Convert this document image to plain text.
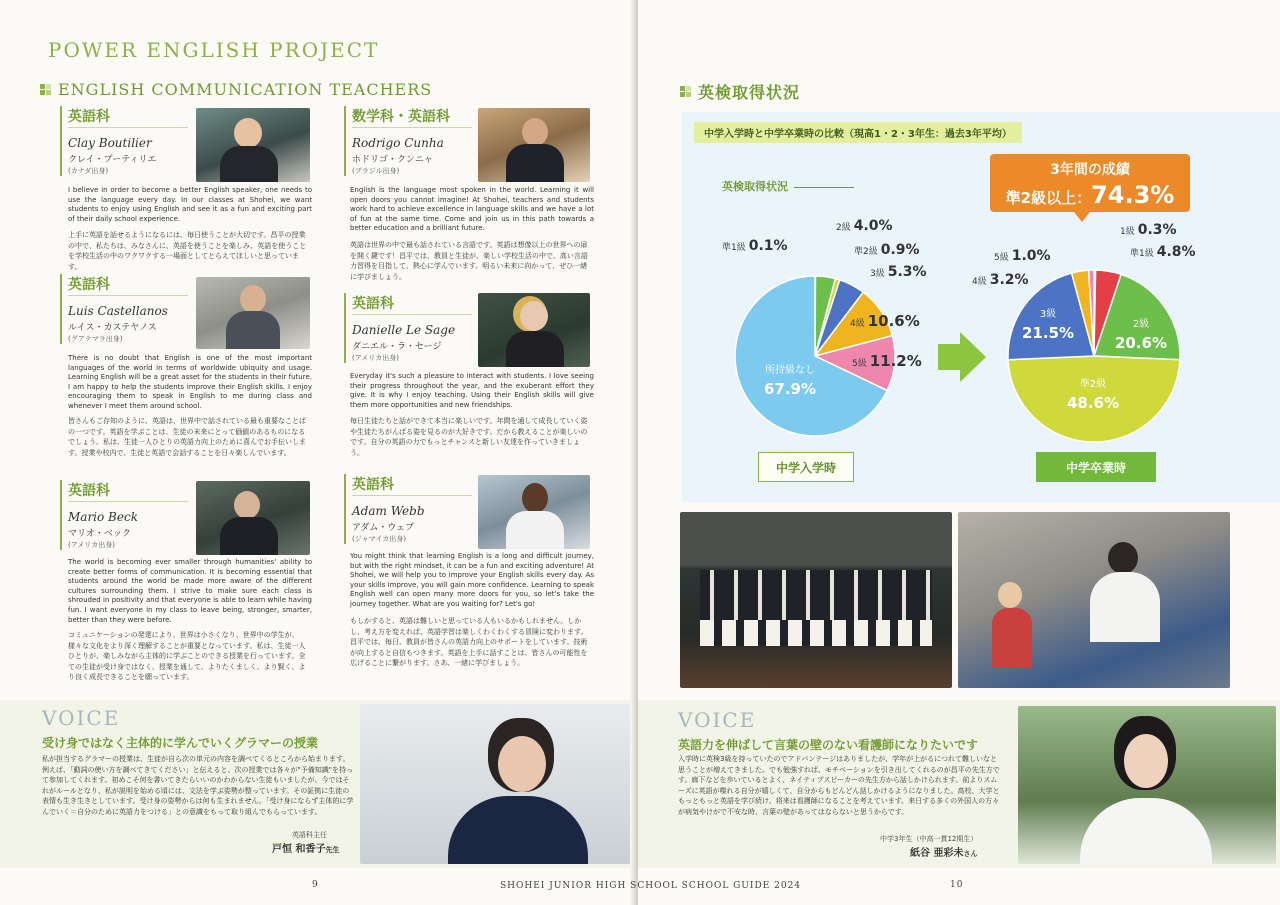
POWER ENGLISH PROJECT
ENGLISH COMMUNICATION TEACHERS
英語科
Clay Boutilier
クレイ・ブーティリエ
(カナダ出身)
I believe in order to become a better English speaker, one needs to use the language every day. In our classes at Shohei, we want students to enjoy using English and see it as a fun and exciting part of their daily school experience.
上手に英語を話せるようになるには、毎日使うことが大切です。昌平の授業の中で、私たちは、みなさんに、英語を使うことを楽しみ、英語を使うことを学校生活の中のワクワクする一場面としてとらえてほしいと思っています。
数学科・英語科
Rodrigo Cunha
ホドリゴ・クンニャ
(ブラジル出身)
English is the language most spoken in the world. Learning it will open doors you cannot imagine! At Shohei, teachers and students work hard to achieve excellence in language skills and we have a lot of fun at the same time. Come and join us in this path towards a better education and a brilliant future.
英語は世界の中で最も話されている言語です。英語は想像以上の世界への扉を開く鍵です！昌平では、教員と生徒が、楽しい学校生活の中で、高い言語力習得を目指して、熱心に学んでいます。明るい未来に向かって、ぜひ一緒に学びましょう。
英語科
Luis Castellanos
ルイス・カステヤノス
(グアテマラ出身)
There is no doubt that English is one of the most important languages of the world in terms of worldwide ubiquity and usage. Learning English will be a great asset for the students in their future. I am happy to help the students improve their English skills. I enjoy encouraging them to speak in English to me during class and whenever I meet them around school.
皆さんもご存知のように、英語は、世界中で話されている最も重要なことばの一つです。英語を学ぶことは、生徒の未来にとって価値のあるものになるでしょう。私は、生徒一人ひとりの英語力向上のために喜んでお手伝いします。授業や校内で、生徒と英語で会話することを日々楽しんでいます。
英語科
Danielle Le Sage
ダニエル・ラ・セージ
(アメリカ出身)
Everyday it's such a pleasure to interact with students. I love seeing their progress throughout the year, and the exuberant effort they give. It is why I enjoy teaching. Using their English skills will give them more opportunities and new friendships.
毎日生徒たちと話ができて本当に楽しいです。年間を通して成長していく姿や生徒たちがんばる姿を見るのが大好きです。だから教えることが楽しいのです。自分の英語の力でもっとチャンスと新しい友達を作っていきましょう。
英語科
Mario Beck
マリオ・ベック
(アメリカ出身)
The world is becoming ever smaller through humanities' ability to create better forms of communication. It is becoming essential that students around the world be made more aware of the different cultures surrounding them. I strive to make sure each class is shrouded in positivity and that everyone is able to learn while having fun. I want everyone in my class to leave being, stronger, smarter, better than they were before.
コミュニケーションの発達により、世界は小さくなり、世界中の学生が、様々な文化をより深く理解することが重要となっています。私は、生徒一人ひとりが、楽しみながら主体的に学ぶことのできる授業を行っています。全ての生徒が受け身ではなく、授業を通して、よりたくましく、より賢く、より良く成長できることを願っています。
英語科
Adam Webb
アダム・ウェブ
(ジャマイカ出身)
You might think that learning English is a long and difficult journey, but with the right mindset, it can be a fun and exciting adventure! At Shohei, we will help you to improve your English skills every day. As your skills improve, you will gain more confidence. Learning to speak English well can open many more doors for you, so let's take the journey together. What are you waiting for? Let's go!
もしかすると、英語は難しいと思っている人もいるかもしれません。しかし、考え方を変えれば、英語学習は楽しくわくわくする冒険に変わります。昌平では、毎日、教員が皆さんの英語力向上のサポートをしています。技術が向上すると自信もつきます。英語を上手に話すことは、皆さんの可能性を広げることに繋がります。さあ、一緒に学びましょう。
VOICE
受け身ではなく主体的に学んでいくグラマーの授業
私が担当するグラマーの授業は、生徒が自ら次の単元の内容を調べてくるところから始まります。例えば、「動詞の使い方を調べてきてください」と伝えると、次の授業では各々が"予備知識"を持って参加してくれます。初めこそ何を書いてきたらいいのかわからない生徒もいましたが、今ではそれがルールとなり、私が説明を始める頃には、文法を学ぶ姿勢が整っています。その証拠に生徒の表情も生き生きとしています。受け身の姿勢からは何も生まれません。「受け身にならず主体的に学んでいく＝自分のために英語力をつける」との意識をもって取り組んでもらっています。
英語科主任
戸恒 和香子先生
9
英検取得状況
中学入学時と中学卒業時の比較（現高1・2・3年生：過去3年平均）
英検取得状況
3年間の成績
準2級以上：74.3%
準1級 0.1%
2級 4.0%
準2級 0.9%
3級 5.3%
4級 10.6%
5級 11.2%
所持級なし
67.9%
中学入学時
1級 0.3%
準1級 4.8%
5級 1.0%
4級 3.2%
3級
21.5%	2級
20.6%
準2級
48.6%
中学卒業時
VOICE
英語力を伸ばして言葉の壁のない看護師になりたいです
入学時に英検3級を持っていたのでアドバンテージはありましたが、学年が上がるにつれて難しいなと思うことが増えてきました。でも勉強すれば、モチベーションを引き出してくれるのが昌平の先生方です。廊下などを歩いているとよく、ネイティブスピーカーの先生方から話しかけられます。前よりスムーズに英語が喋れる自分が嬉しくて、自分からもどんどん話しかけるようになりました。高校、大学ともっともっと英語を学び続け、将来は看護師になることを考えています。来日する多くの外国人の方々が病気やけがで不安な時、言葉の壁があってはならないと思うからです。
中学3年生（中高一貫12期生）
紙谷 亜彩未さん
10
SHOHEI JUNIOR HIGH SCHOOL SCHOOL GUIDE 2024
